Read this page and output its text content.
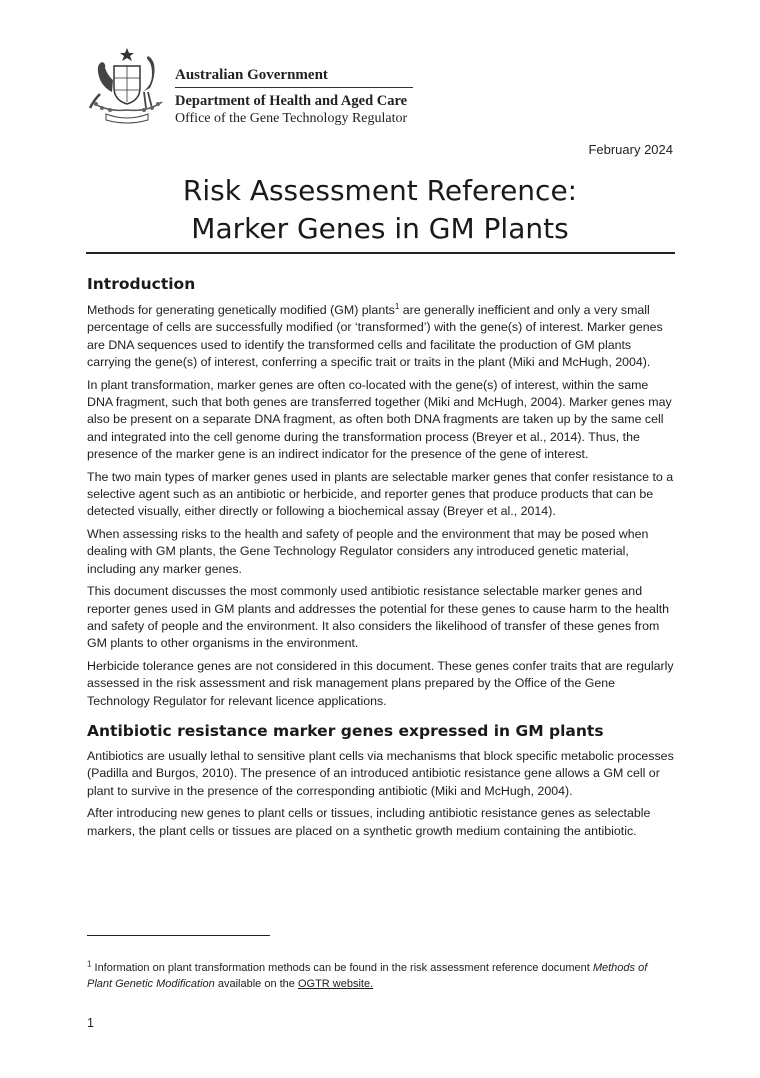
Australian Government
Department of Health and Aged Care
Office of the Gene Technology Regulator
February 2024
Risk Assessment Reference:
Marker Genes in GM Plants
Introduction

Methods for generating genetically modified (GM) plants$^1$ are generally inefficient and only a very small percentage of cells are successfully modified (or ‘transformed’) with the gene(s) of interest. Marker genes are DNA sequences used to identify the transformed cells and facilitate the production of GM plants carrying the gene(s) of interest, conferring a specific trait or traits in the plant (Miki and McHugh, 2004).

In plant transformation, marker genes are often co-located with the gene(s) of interest, within the same DNA fragment, such that both genes are transferred together (Miki and McHugh, 2004). Marker genes may also be present on a separate DNA fragment, as often both DNA fragments are taken up by the same cell and integrated into the cell genome during the transformation process (Breyer et al., 2014). Thus, the presence of the marker gene is an indirect indicator for the presence of the gene of interest.

The two main types of marker genes used in plants are selectable marker genes that confer resistance to a selective agent such as an antibiotic or herbicide, and reporter genes that produce products that can be detected visually, either directly or following a biochemical assay (Breyer et al., 2014).

When assessing risks to the health and safety of people and the environment that may be posed when dealing with GM plants, the Gene Technology Regulator considers any introduced genetic material, including any marker genes.

This document discusses the most commonly used antibiotic resistance selectable marker genes and reporter genes used in GM plants and addresses the potential for these genes to cause harm to the health and safety of people and the environment. It also considers the likelihood of transfer of these genes from GM plants to other organisms in the environment.

Herbicide tolerance genes are not considered in this document. These genes confer traits that are regularly assessed in the risk assessment and risk management plans prepared by the Office of the Gene Technology Regulator for relevant licence applications.

Antibiotic resistance marker genes expressed in GM plants

Antibiotics are usually lethal to sensitive plant cells via mechanisms that block specific metabolic processes (Padilla and Burgos, 2010). The presence of an introduced antibiotic resistance gene allows a GM cell or plant to survive in the presence of the corresponding antibiotic (Miki and McHugh, 2004).

After introducing new genes to plant cells or tissues, including antibiotic resistance genes as selectable markers, the plant cells or tissues are placed on a synthetic growth medium containing the antibiotic.

$^1$ Information on plant transformation methods can be found in the risk assessment reference document Methods of Plant Genetic Modification available on the OGTR website.
1
